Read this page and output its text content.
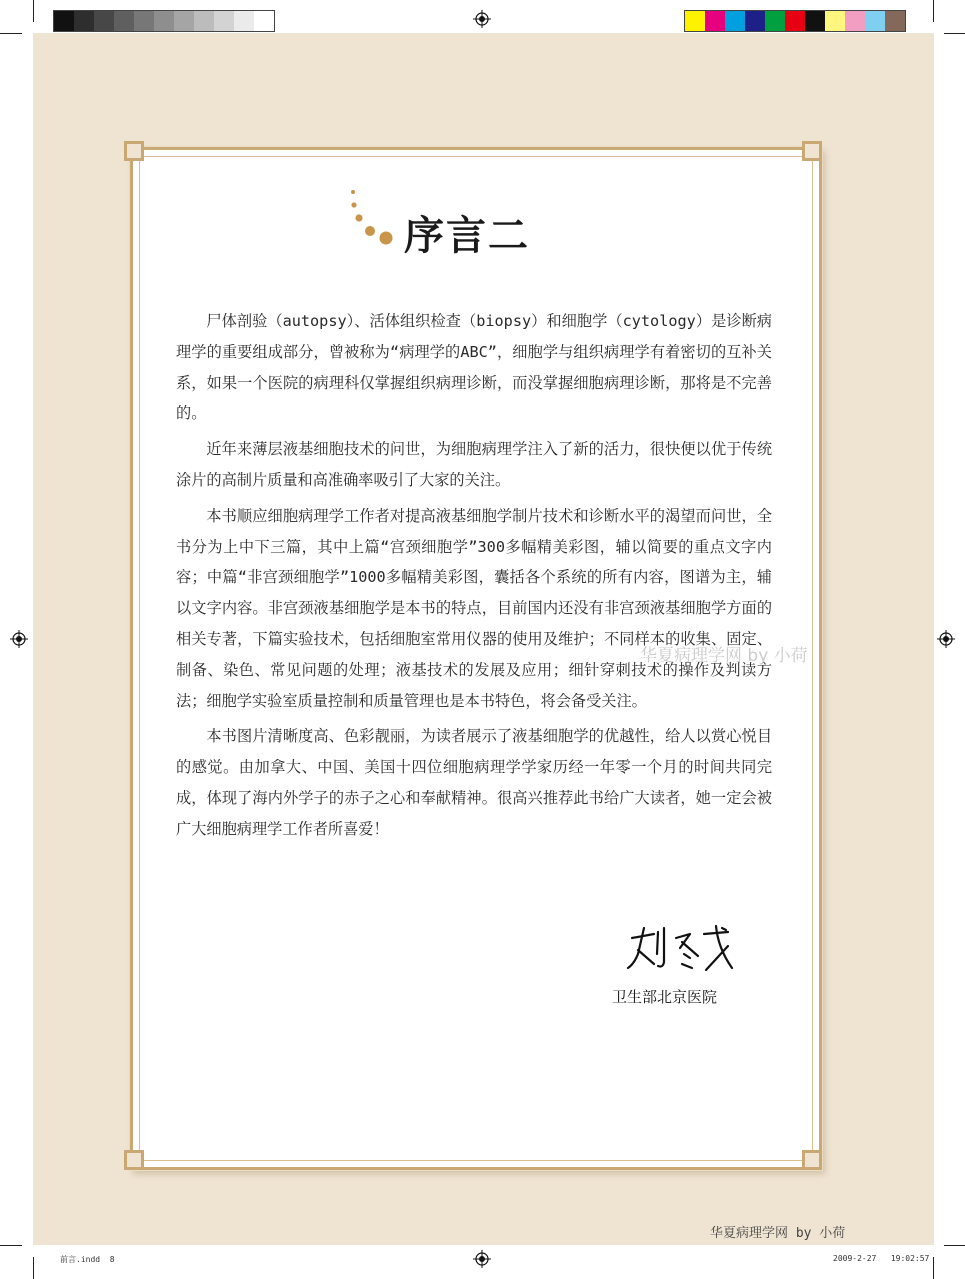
序言二

尸体剖验（autopsy）、活体组织检查（biopsy）和细胞学（cytology）是诊断病理学的重要组成部分，曾被称为“病理学的ABC”，细胞学与组织病理学有着密切的互补关系，如果一个医院的病理科仅掌握组织病理诊断，而没掌握细胞病理诊断，那将是不完善的。

近年来薄层液基细胞技术的问世，为细胞病理学注入了新的活力，很快便以优于传统涂片的高制片质量和高准确率吸引了大家的关注。

本书顺应细胞病理学工作者对提高液基细胞学制片技术和诊断水平的渴望而问世，全书分为上中下三篇，其中上篇“宫颈细胞学”300多幅精美彩图，辅以简要的重点文字内容；中篇“非宫颈细胞学”1000多幅精美彩图，囊括各个系统的所有内容，图谱为主，辅以文字内容。非宫颈液基细胞学是本书的特点，目前国内还没有非宫颈液基细胞学方面的相关专著，下篇实验技术，包括细胞室常用仪器的使用及维护；不同样本的收集、固定、制备、染色、常见问题的处理；液基技术的发展及应用；细针穿刺技术的操作及判读方法；细胞学实验室质量控制和质量管理也是本书特色，将会备受关注。

本书图片清晰度高、色彩靓丽，为读者展示了液基细胞学的优越性，给人以赏心悦目的感觉。由加拿大、中国、美国十四位细胞病理学学家历经一年零一个月的时间共同完成，体现了海内外学子的赤子之心和奉献精神。很高兴推荐此书给广大读者，她一定会被广大细胞病理学工作者所喜爱！

华夏病理学网 by 小荷
卫生部北京医院
华夏病理学网 by 小荷
前言.indd 8	2009-2-27 19:02:57
